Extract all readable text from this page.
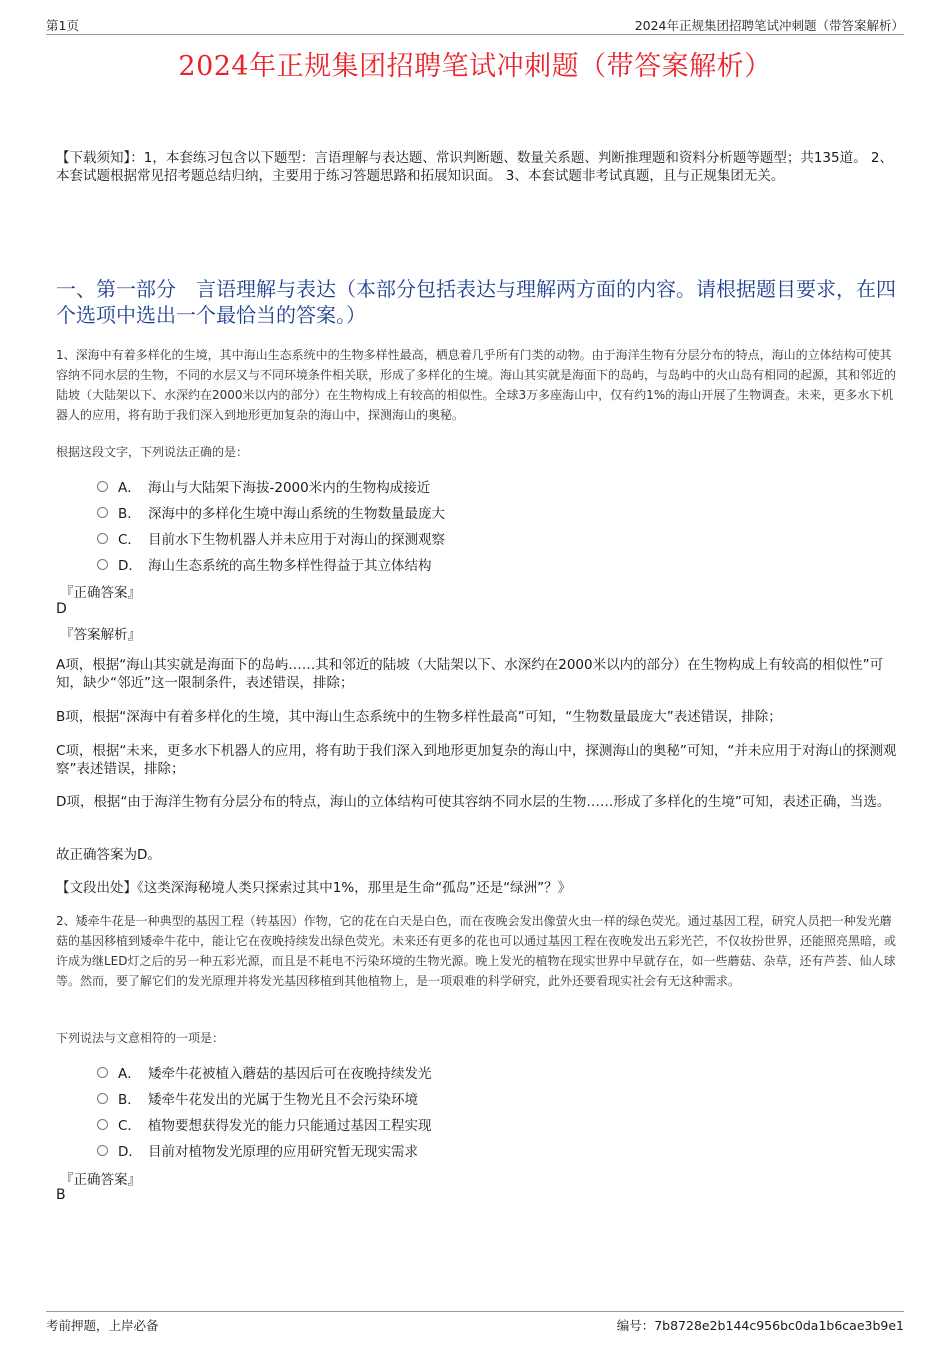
第1页	2024年正规集团招聘笔试冲刺题（带答案解析）
2024年正规集团招聘笔试冲刺题（带答案解析）
【下载须知】：1，本套练习包含以下题型：言语理解与表达题、常识判断题、数量关系题、判断推理题和资料分析题等题型；共135道。 2、本套试题根据常见招考题总结归纳，主要用于练习答题思路和拓展知识面。 3、本套试题非考试真题，且与正规集团无关。
一、第一部分　言语理解与表达（本部分包括表达与理解两方面的内容。请根据题目要求，在四个选项中选出一个最恰当的答案。）
1、深海中有着多样化的生境，其中海山生态系统中的生物多样性最高，栖息着几乎所有门类的动物。由于海洋生物有分层分布的特点，海山的立体结构可使其容纳不同水层的生物，不同的水层又与不同环境条件相关联，形成了多样化的生境。海山其实就是海面下的岛屿，与岛屿中的火山岛有相同的起源，其和邻近的陆坡（大陆架以下、水深约在2000米以内的部分）在生物构成上有较高的相似性。全球3万多座海山中，仅有约1%的海山开展了生物调查。未来，更多水下机器人的应用，将有助于我们深入到地形更加复杂的海山中，探测海山的奥秘。
根据这段文字，下列说法正确的是：
A． 海山与大陆架下海拔-2000米内的生物构成接近
B． 深海中的多样化生境中海山系统的生物数量最庞大
C． 目前水下生物机器人并未应用于对海山的探测观察
D． 海山生态系统的高生物多样性得益于其立体结构
『正确答案』
D
『答案解析』
A项，根据“海山其实就是海面下的岛屿……其和邻近的陆坡（大陆架以下、水深约在2000米以内的部分）在生物构成上有较高的相似性”可知，缺少“邻近”这一限制条件，表述错误，排除；
B项，根据“深海中有着多样化的生境，其中海山生态系统中的生物多样性最高”可知，“生物数量最庞大”表述错误，排除；
C项，根据“未来，更多水下机器人的应用，将有助于我们深入到地形更加复杂的海山中，探测海山的奥秘”可知，“并未应用于对海山的探测观察”表述错误，排除；
D项，根据“由于海洋生物有分层分布的特点，海山的立体结构可使其容纳不同水层的生物……形成了多样化的生境”可知，表述正确，当选。
故正确答案为D。
【文段出处】《这类深海秘境人类只探索过其中1%，那里是生命“孤岛”还是“绿洲”？》
2、矮牵牛花是一种典型的基因工程（转基因）作物，它的花在白天是白色，而在夜晚会发出像萤火虫一样的绿色荧光。通过基因工程，研究人员把一种发光蘑菇的基因移植到矮牵牛花中，能让它在夜晚持续发出绿色荧光。未来还有更多的花也可以通过基因工程在夜晚发出五彩光芒，不仅妆扮世界，还能照亮黑暗，或许成为继LED灯之后的另一种五彩光源，而且是不耗电不污染环境的生物光源。晚上发光的植物在现实世界中早就存在，如一些蘑菇、杂草，还有芦荟、仙人球等。然而，要了解它们的发光原理并将发光基因移植到其他植物上，是一项艰难的科学研究，此外还要看现实社会有无这种需求。
下列说法与文意相符的一项是：
A． 矮牵牛花被植入蘑菇的基因后可在夜晚持续发光
B． 矮牵牛花发出的光属于生物光且不会污染环境
C． 植物要想获得发光的能力只能通过基因工程实现
D． 目前对植物发光原理的应用研究暂无现实需求
『正确答案』
B
考前押题，上岸必备	编号：7b8728e2b144c956bc0da1b6cae3b9e1
